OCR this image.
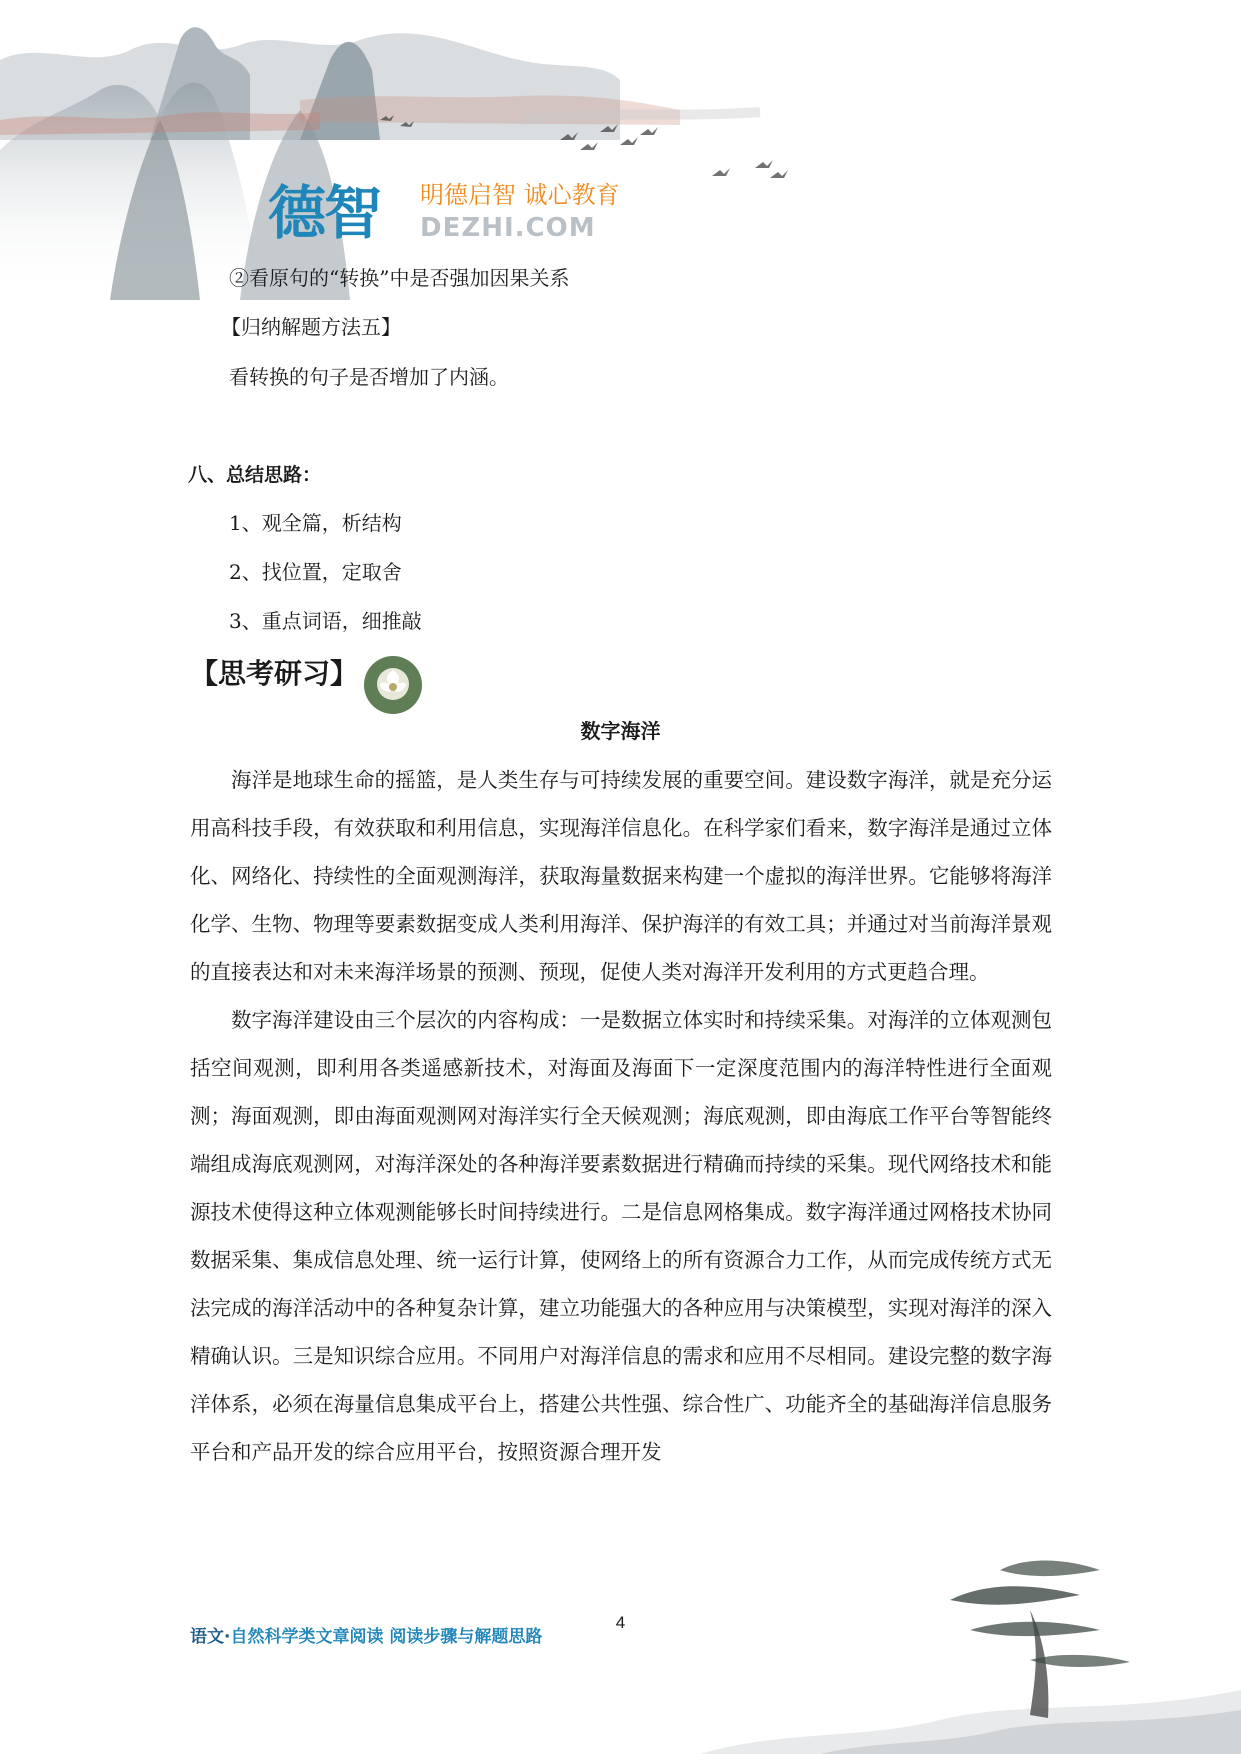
德智	明德启智 诚心教育
DEZHI.COM
②看原句的“转换”中是否强加因果关系
【归纳解题方法五】
看转换的句子是否增加了内涵。
八、总结思路：
1、观全篇，析结构
2、找位置，定取舍
3、重点词语，细推敲
【思考研习】
数字海洋

海洋是地球生命的摇篮，是人类生存与可持续发展的重要空间。建设数字海洋，就是充分运用高科技手段，有效获取和利用信息，实现海洋信息化。在科学家们看来，数字海洋是通过立体化、网络化、持续性的全面观测海洋，获取海量数据来构建一个虚拟的海洋世界。它能够将海洋化学、生物、物理等要素数据变成人类利用海洋、保护海洋的有效工具；并通过对当前海洋景观的直接表达和对未来海洋场景的预测、预现，促使人类对海洋开发利用的方式更趋合理。

数字海洋建设由三个层次的内容构成：一是数据立体实时和持续采集。对海洋的立体观测包括空间观测，即利用各类遥感新技术，对海面及海面下一定深度范围内的海洋特性进行全面观测；海面观测，即由海面观测网对海洋实行全天候观测；海底观测，即由海底工作平台等智能终端组成海底观测网，对海洋深处的各种海洋要素数据进行精确而持续的采集。现代网络技术和能源技术使得这种立体观测能够长时间持续进行。二是信息网格集成。数字海洋通过网格技术协同数据采集、集成信息处理、统一运行计算，使网络上的所有资源合力工作，从而完成传统方式无法完成的海洋活动中的各种复杂计算，建立功能强大的各种应用与决策模型，实现对海洋的深入精确认识。三是知识综合应用。不同用户对海洋信息的需求和应用不尽相同。建设完整的数字海洋体系，必须在海量信息集成平台上，搭建公共性强、综合性广、功能齐全的基础海洋信息服务平台和产品开发的综合应用平台，按照资源合理开发

4
语文·自然科学类文章阅读 阅读步骤与解题思路
